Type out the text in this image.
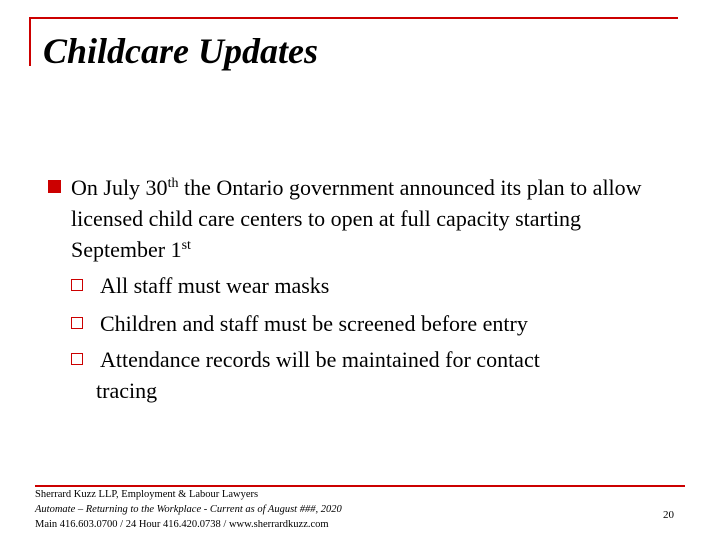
Childcare Updates
On July 30th the Ontario government announced its plan to allow licensed child care centers to open at full capacity starting September 1st
All staff must wear masks
Children and staff must be screened before entry
Attendance records will be maintained for contact
tracing
Sherrard Kuzz LLP, Employment & Labour Lawyers
Automate – Returning to the Workplace - Current as of August ###, 2020
Main 416.603.0700 / 24 Hour 416.420.0738 / www.sherrardkuzz.com
20
